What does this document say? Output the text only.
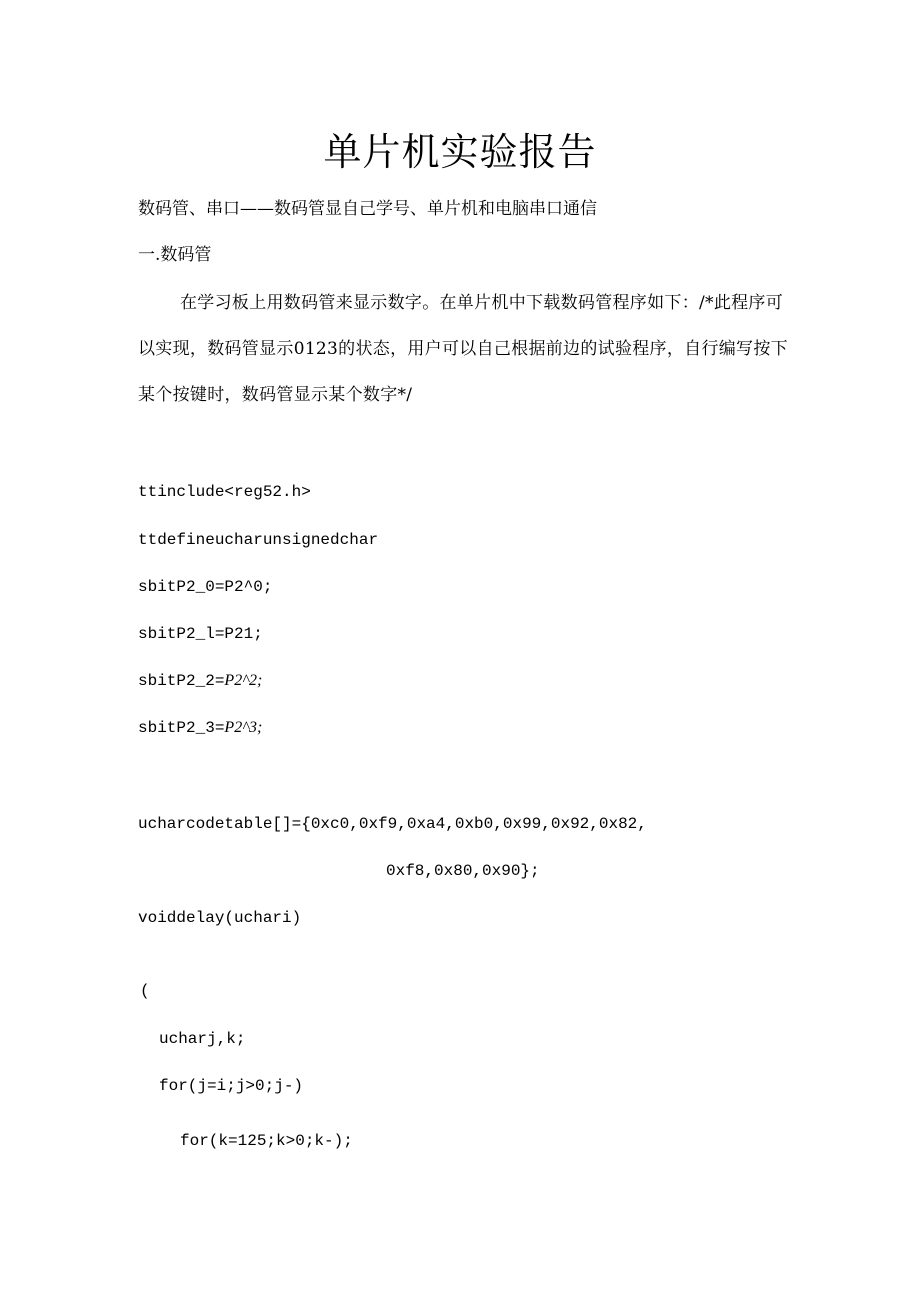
单片机实验报告
数码管、串口——数码管显自己学号、单片机和电脑串口通信
一.数码管
在学习板上用数码管来显示数字。在单片机中下载数码管程序如下：/*此程序可以实现，数码管显示0123的状态，用户可以自己根据前边的试验程序，自行编写按下某个按键时，数码管显示某个数字*/
ttinclude<reg52.h>
ttdefineucharunsignedchar
sbitP2_0=P2^0;
sbitP2_l=P21;
sbitP2_2=P2^2;
sbitP2_3=P2^3;
ucharcodetable[]={0xc0,0xf9,0xa4,0xb0,0x99,0x92,0x82,
0xf8,0x80,0x90};
voiddelay(uchari)
(
ucharj,k;
for(j=i;j>0;j-)
for(k=125;k>0;k-);
